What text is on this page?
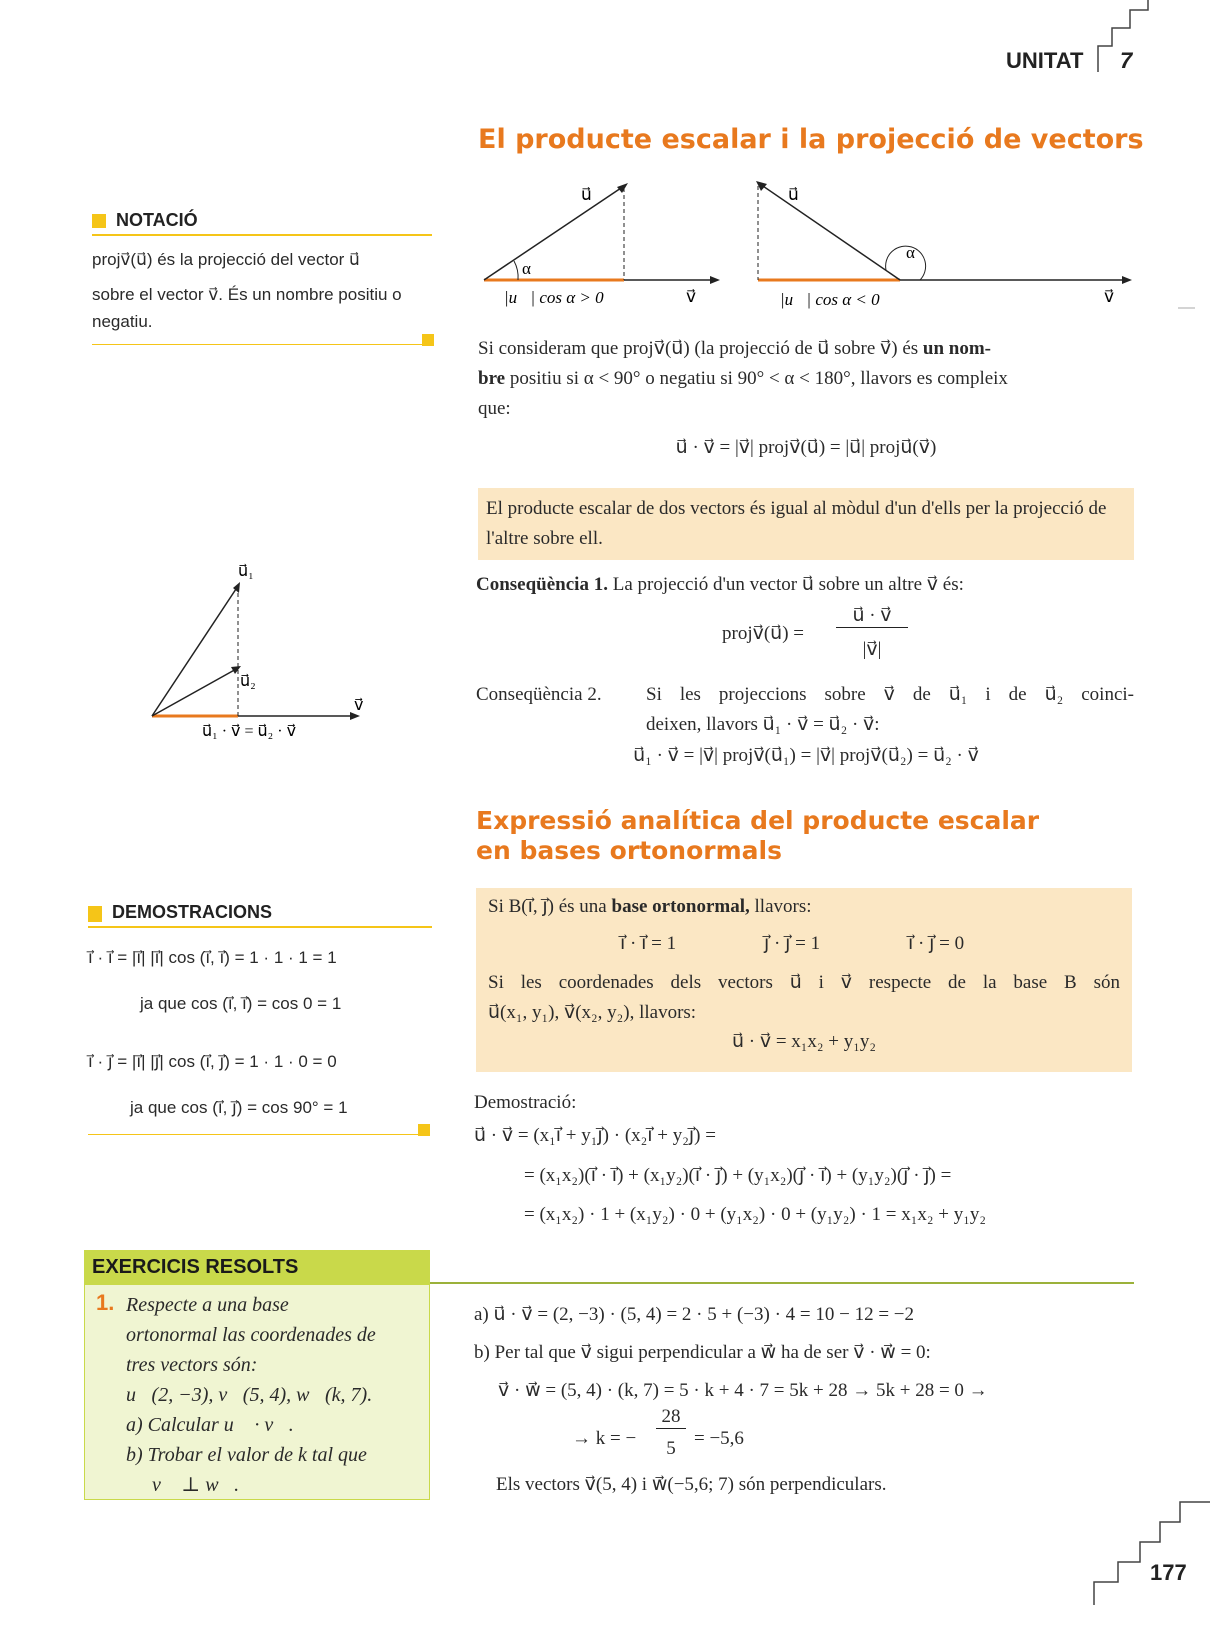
UNITAT 7
El producte escalar i la projecció de vectors
α
u⃗
v⃗
|u⃗| cos α > 0
α
u⃗
v⃗
|u⃗| cos α < 0
Si consideram que projv⃗(u⃗) (la projecció de u⃗ sobre v⃗) és un nom-
bre positiu si α < 90° o negatiu si 90° < α < 180°, llavors es compleix
que:
u⃗ · v⃗ = |v⃗| projv⃗(u⃗) = |u⃗| proju⃗(v⃗)
El producte escalar de dos vectors és igual al mòdul d'un d'ells per la projecció de l'altre sobre ell.
Conseqüència 1. La projecció d'un vector u⃗ sobre un altre v⃗ és:
projv⃗(u⃗) =
u⃗ · v⃗
|v⃗|
Conseqüència 2. Si les projeccions sobre v⃗ de u⃗₁ i de u⃗₂ coinci-
deixen, llavors u⃗₁ · v⃗ = u⃗₂ · v⃗:
u⃗₁ · v⃗ = |v⃗| projv⃗(u⃗₁) = |v⃗| projv⃗(u⃗₂) = u⃗₂ · v⃗
Expressió analítica del producte escalar
en bases ortonormals
Si B(i⃗, j⃗) és una base ortonormal, llavors:
i⃗ · i⃗ = 1	j⃗ · j⃗ = 1	i⃗ · j⃗ = 0
Si les coordenades dels vectors u⃗ i v⃗ respecte de la base B són
u⃗(x₁, y₁), v⃗(x₂, y₂), llavors:
u⃗ · v⃗ = x₁x₂ + y₁y₂
Demostració:
u⃗ · v⃗ = (x₁i⃗ + y₁j⃗) · (x₂i⃗ + y₂j⃗) =
= (x₁x₂)(i⃗ · i⃗) + (x₁y₂)(i⃗ · j⃗) + (y₁x₂)(j⃗ · i⃗) + (y₁y₂)(j⃗ · j⃗) =
= (x₁x₂) · 1 + (x₁y₂) · 0 + (y₁x₂) · 0 + (y₁y₂) · 1 = x₁x₂ + y₁y₂
NOTACIÓ
projv⃗(u⃗) és la projecció del vector u⃗
sobre el vector v⃗. És un nombre positiu o
negatiu.
u⃗₁
u⃗₂
v⃗
u⃗₁ · v⃗ = u⃗₂ · v⃗
DEMOSTRACIONS
i⃗ · i⃗ = |i⃗| |i⃗| cos (i⃗, i⃗) = 1 · 1 · 1 = 1
ja que cos (i⃗, i⃗) = cos 0 = 1
i⃗ · j⃗ = |i⃗| |j⃗| cos (i⃗, j⃗) = 1 · 1 · 0 = 0
ja que cos (i⃗, j⃗) = cos 90° = 1
EXERCICIS RESOLTS
1. Respecte a una base
ortonormal las coordenades de
tres vectors són:
u⃗(2, −3), v⃗(5, 4), w⃗(k, 7).
a) Calcular u⃗ · v⃗.
b) Trobar el valor de k tal que
v⃗ ⊥ w⃗.
a) u⃗ · v⃗ = (2, −3) · (5, 4) = 2 · 5 + (−3) · 4 = 10 − 12 = −2
b) Per tal que v⃗ sigui perpendicular a w⃗ ha de ser v⃗ · w⃗ = 0:
v⃗ · w⃗ = (5, 4) · (k, 7) = 5 · k + 4 · 7 = 5k + 28 → 5k + 28 = 0 →
→ k = −
28
5 = −5,6
Els vectors v⃗(5, 4) i w⃗(−5,6; 7) són perpendiculars.
177
